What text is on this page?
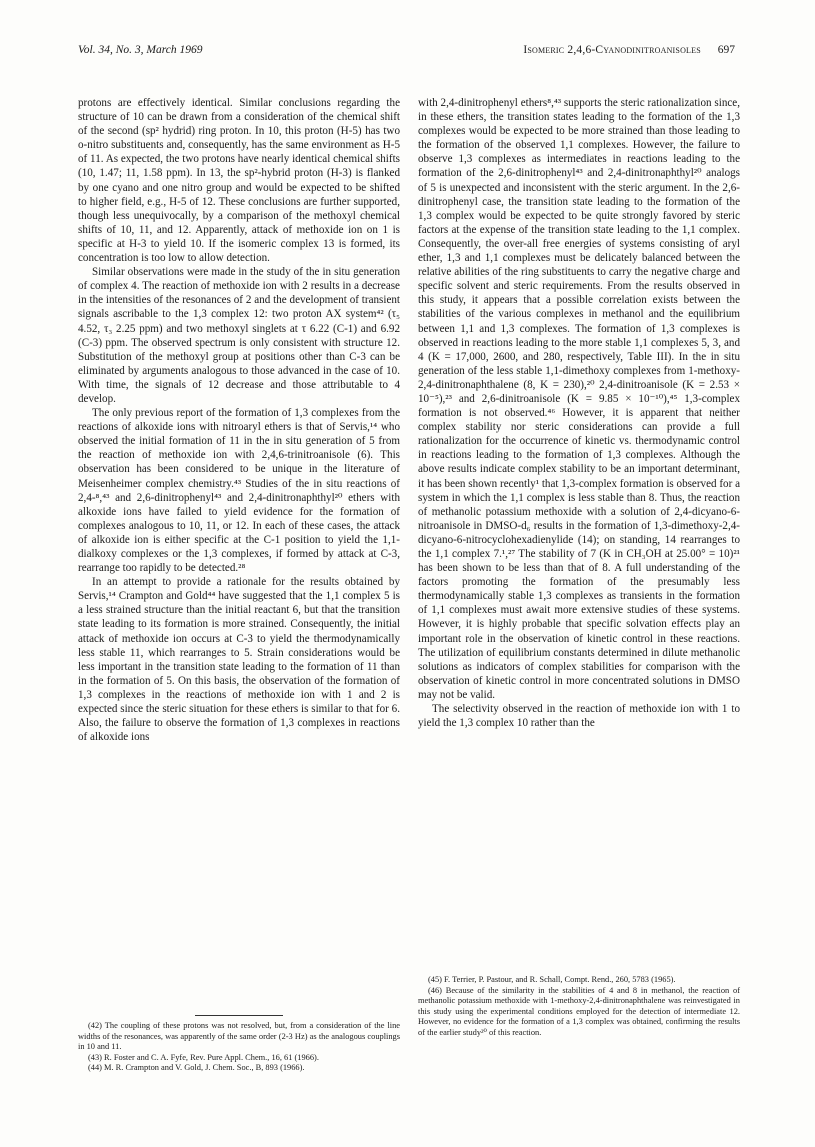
Vol. 34, No. 3, March 1969	Isomeric 2,4,6-Cyanodinitroanisoles 697

protons are effectively identical. Similar conclusions regarding the structure of 10 can be drawn from a consideration of the chemical shift of the second (sp² hydrid) ring proton. In 10, this proton (H-5) has two o-nitro substituents and, consequently, has the same environment as H-5 of 11. As expected, the two protons have nearly identical chemical shifts (10, 1.47; 11, 1.58 ppm). In 13, the sp²-hybrid proton (H-3) is flanked by one cyano and one nitro group and would be expected to be shifted to higher field, e.g., H-5 of 12. These conclusions are further supported, though less unequivocally, by a comparison of the methoxyl chemical shifts of 10, 11, and 12. Apparently, attack of methoxide ion on 1 is specific at H-3 to yield 10. If the isomeric complex 13 is formed, its concentration is too low to allow detection.

Similar observations were made in the study of the in situ generation of complex 4. The reaction of methoxide ion with 2 results in a decrease in the intensities of the resonances of 2 and the development of transient signals ascribable to the 1,3 complex 12: two proton AX system⁴² (τ₅ 4.52, τ₃ 2.25 ppm) and two methoxyl singlets at τ 6.22 (C-1) and 6.92 (C-3) ppm. The observed spectrum is only consistent with structure 12. Substitution of the methoxyl group at positions other than C-3 can be eliminated by arguments analogous to those advanced in the case of 10. With time, the signals of 12 decrease and those attributable to 4 develop.

The only previous report of the formation of 1,3 complexes from the reactions of alkoxide ions with nitroaryl ethers is that of Servis,¹⁴ who observed the initial formation of 11 in the in situ generation of 5 from the reaction of methoxide ion with 2,4,6-trinitroanisole (6). This observation has been considered to be unique in the literature of Meisenheimer complex chemistry.⁴³ Studies of the in situ reactions of 2,4-⁸,⁴³ and 2,6-dinitrophenyl⁴³ and 2,4-dinitronaphthyl²⁰ ethers with alkoxide ions have failed to yield evidence for the formation of complexes analogous to 10, 11, or 12. In each of these cases, the attack of alkoxide ion is either specific at the C-1 position to yield the 1,1-dialkoxy complexes or the 1,3 complexes, if formed by attack at C-3, rearrange too rapidly to be detected.²⁸

In an attempt to provide a rationale for the results obtained by Servis,¹⁴ Crampton and Gold⁴⁴ have suggested that the 1,1 complex 5 is a less strained structure than the initial reactant 6, but that the transition state leading to its formation is more strained. Consequently, the initial attack of methoxide ion occurs at C-3 to yield the thermodynamically less stable 11, which rearranges to 5. Strain considerations would be less important in the transition state leading to the formation of 11 than in the formation of 5. On this basis, the observation of the formation of 1,3 complexes in the reactions of methoxide ion with 1 and 2 is expected since the steric situation for these ethers is similar to that for 6. Also, the failure to observe the formation of 1,3 complexes in reactions of alkoxide ions

with 2,4-dinitrophenyl ethers⁸,⁴³ supports the steric rationalization since, in these ethers, the transition states leading to the formation of the 1,3 complexes would be expected to be more strained than those leading to the formation of the observed 1,1 complexes. However, the failure to observe 1,3 complexes as intermediates in reactions leading to the formation of the 2,6-dinitrophenyl⁴³ and 2,4-dinitronaphthyl²⁰ analogs of 5 is unexpected and inconsistent with the steric argument. In the 2,6-dinitrophenyl case, the transition state leading to the formation of the 1,3 complex would be expected to be quite strongly favored by steric factors at the expense of the transition state leading to the 1,1 complex. Consequently, the over-all free energies of systems consisting of aryl ether, 1,3 and 1,1 complexes must be delicately balanced between the relative abilities of the ring substituents to carry the negative charge and specific solvent and steric requirements. From the results observed in this study, it appears that a possible correlation exists between the stabilities of the various complexes in methanol and the equilibrium between 1,1 and 1,3 complexes. The formation of 1,3 complexes is observed in reactions leading to the more stable 1,1 complexes 5, 3, and 4 (K = 17,000, 2600, and 280, respectively, Table III). In the in situ generation of the less stable 1,1-dimethoxy complexes from 1-methoxy-2,4-dinitronaphthalene (8, K = 230),²⁰ 2,4-dinitroanisole (K = 2.53 × 10⁻⁵),²³ and 2,6-dinitroanisole (K = 9.85 × 10⁻¹⁰),⁴⁵ 1,3-complex formation is not observed.⁴⁶ However, it is apparent that neither complex stability nor steric considerations can provide a full rationalization for the occurrence of kinetic vs. thermodynamic control in reactions leading to the formation of 1,3 complexes. Although the above results indicate complex stability to be an important determinant, it has been shown recently¹ that 1,3-complex formation is observed for a system in which the 1,1 complex is less stable than 8. Thus, the reaction of methanolic potassium methoxide with a solution of 2,4-dicyano-6-nitroanisole in DMSO-d₆ results in the formation of 1,3-dimethoxy-2,4-dicyano-6-nitrocyclohexadienylide (14); on standing, 14 rearranges to the 1,1 complex 7.¹,²⁷ The stability of 7 (K in CH₃OH at 25.00° = 10)²¹ has been shown to be less than that of 8. A full understanding of the factors promoting the formation of the presumably less thermodynamically stable 1,3 complexes as transients in the formation of 1,1 complexes must await more extensive studies of these systems. However, it is highly probable that specific solvation effects play an important role in the observation of kinetic control in these reactions. The utilization of equilibrium constants determined in dilute methanolic solutions as indicators of complex stabilities for comparison with the observation of kinetic control in more concentrated solutions in DMSO may not be valid.

The selectivity observed in the reaction of methoxide ion with 1 to yield the 1,3 complex 10 rather than the

(42) The coupling of these protons was not resolved, but, from a consideration of the line widths of the resonances, was apparently of the same order (2-3 Hz) as the analogous couplings in 10 and 11.

(43) R. Foster and C. A. Fyfe, Rev. Pure Appl. Chem., 16, 61 (1966).

(44) M. R. Crampton and V. Gold, J. Chem. Soc., B, 893 (1966).

(45) F. Terrier, P. Pastour, and R. Schall, Compt. Rend., 260, 5783 (1965).

(46) Because of the similarity in the stabilities of 4 and 8 in methanol, the reaction of methanolic potassium methoxide with 1-methoxy-2,4-dinitronaphthalene was reinvestigated in this study using the experimental conditions employed for the detection of intermediate 12. However, no evidence for the formation of a 1,3 complex was obtained, confirming the results of the earlier study²⁰ of this reaction.
